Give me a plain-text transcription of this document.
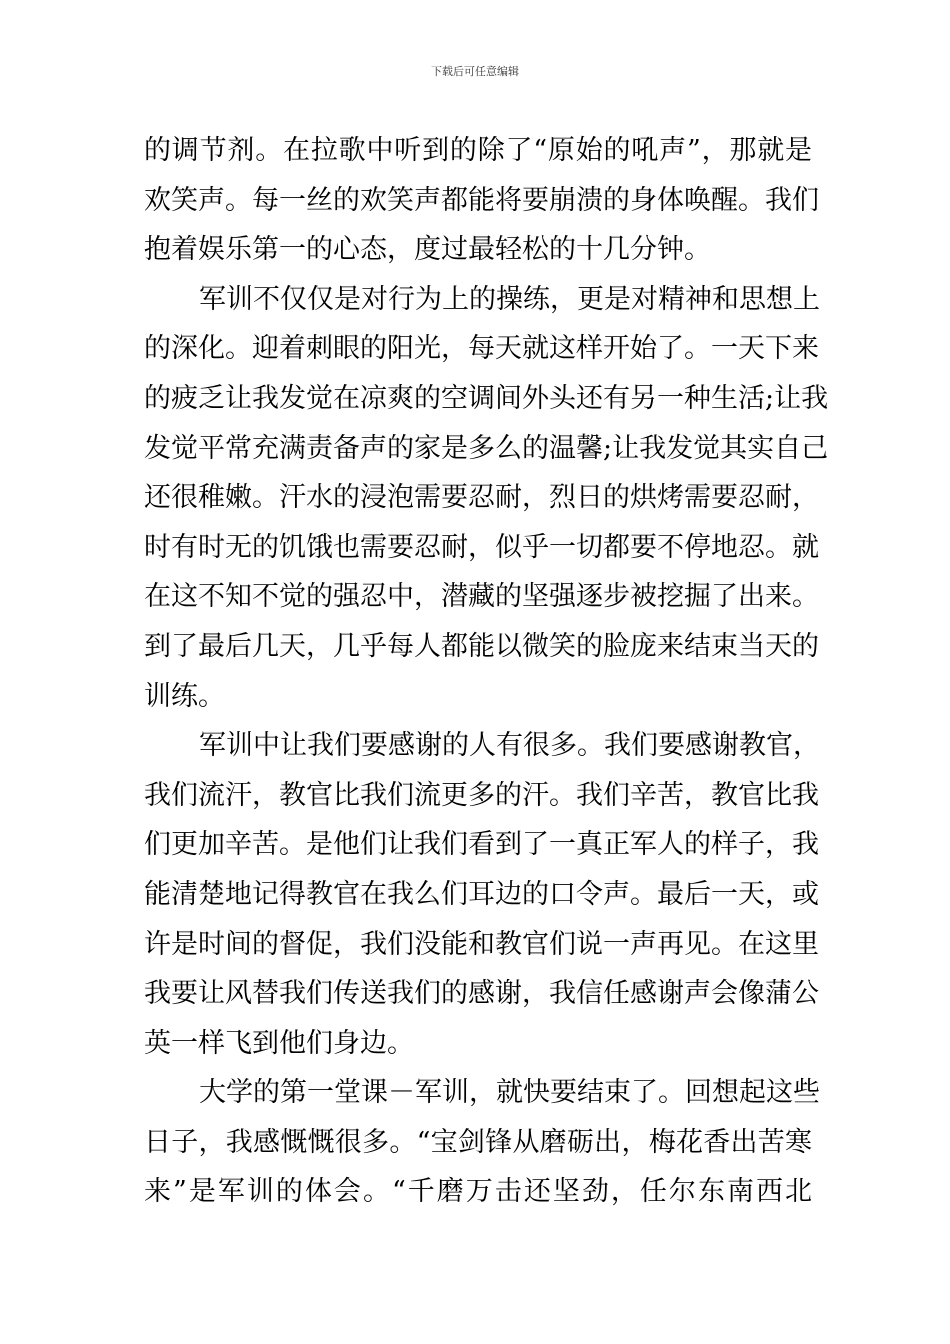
下载后可任意编辑
的调节剂。在拉歌中听到的除了“原始的吼声”，那就是
欢笑声。每一丝的欢笑声都能将要崩溃的身体唤醒。我们
抱着娱乐第一的心态，度过最轻松的十几分钟。
军训不仅仅是对行为上的操练，更是对精神和思想上
的深化。迎着刺眼的阳光，每天就这样开始了。一天下来
的疲乏让我发觉在凉爽的空调间外头还有另一种生活;让我
发觉平常充满责备声的家是多么的温馨;让我发觉其实自己
还很稚嫩。汗水的浸泡需要忍耐，烈日的烘烤需要忍耐，
时有时无的饥饿也需要忍耐，似乎一切都要不停地忍。就
在这不知不觉的强忍中，潜藏的坚强逐步被挖掘了出来。
到了最后几天，几乎每人都能以微笑的脸庞来结束当天的
训练。
军训中让我们要感谢的人有很多。我们要感谢教官，
我们流汗，教官比我们流更多的汗。我们辛苦，教官比我
们更加辛苦。是他们让我们看到了一真正军人的样子，我
能清楚地记得教官在我么们耳边的口令声。最后一天，或
许是时间的督促，我们没能和教官们说一声再见。在这里
我要让风替我们传送我们的感谢，我信任感谢声会像蒲公
英一样飞到他们身边。
大学的第一堂课－军训，就快要结束了。回想起这些
日子，我感慨慨很多。“宝剑锋从磨砺出，梅花香出苦寒
来”是军训的体会。“千磨万击还坚劲，任尔东南西北
